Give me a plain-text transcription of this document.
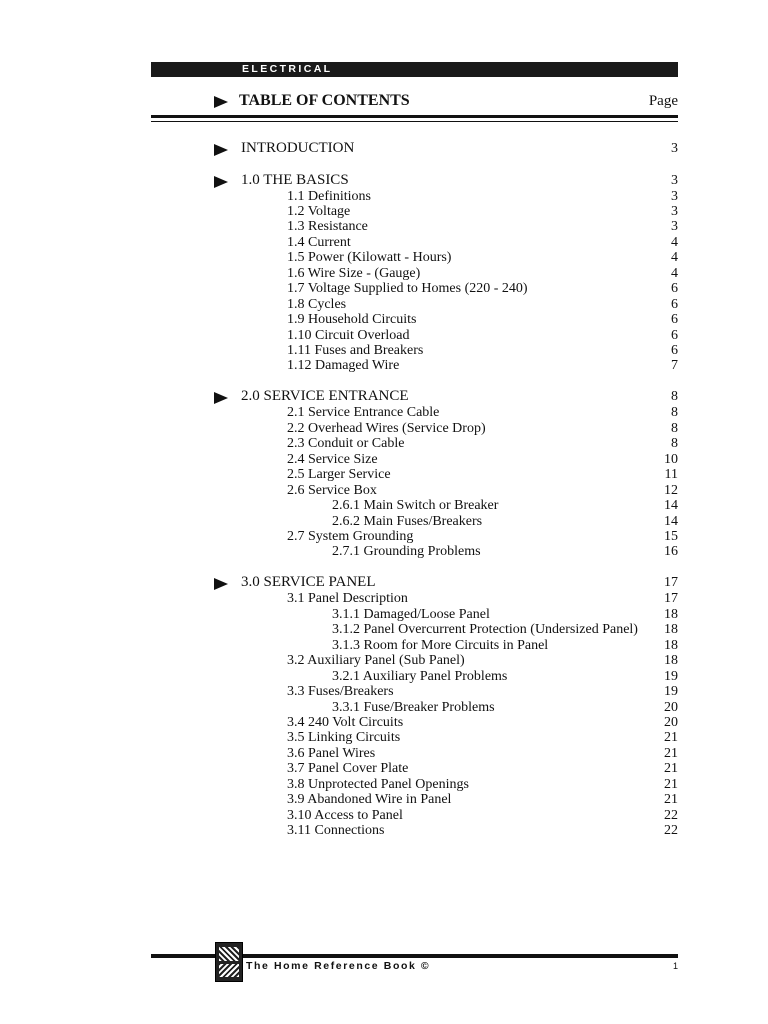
ELECTRICAL
TABLE OF CONTENTS	Page
INTRODUCTION	3
1.0 THE BASICS	3
1.1 Definitions	3
1.2 Voltage	3
1.3 Resistance	3
1.4 Current	4
1.5 Power (Kilowatt - Hours)	4
1.6 Wire Size - (Gauge)	4
1.7 Voltage Supplied to Homes (220 - 240)	6
1.8 Cycles	6
1.9 Household Circuits	6
1.10 Circuit Overload	6
1.11 Fuses and Breakers	6
1.12 Damaged Wire	7
2.0 SERVICE ENTRANCE	8
2.1 Service Entrance Cable	8
2.2 Overhead Wires (Service Drop)	8
2.3 Conduit or Cable	8
2.4 Service Size	10
2.5 Larger Service	11
2.6 Service Box	12
2.6.1 Main Switch or Breaker	14
2.6.2 Main Fuses/Breakers	14
2.7 System Grounding	15
2.7.1 Grounding Problems	16
3.0 SERVICE PANEL	17
3.1 Panel Description	17
3.1.1 Damaged/Loose Panel	18
3.1.2 Panel Overcurrent Protection (Undersized Panel) 18
3.1.3 Room for More Circuits in Panel	18
3.2 Auxiliary Panel (Sub Panel)	18
3.2.1 Auxiliary Panel Problems	19
3.3 Fuses/Breakers	19
3.3.1 Fuse/Breaker Problems	20
3.4 240 Volt Circuits	20
3.5 Linking Circuits	21
3.6 Panel Wires	21
3.7 Panel Cover Plate	21
3.8 Unprotected Panel Openings	21
3.9 Abandoned Wire in Panel	21
3.10 Access to Panel	22
3.11 Connections	22
The Home Reference Book ©	1
